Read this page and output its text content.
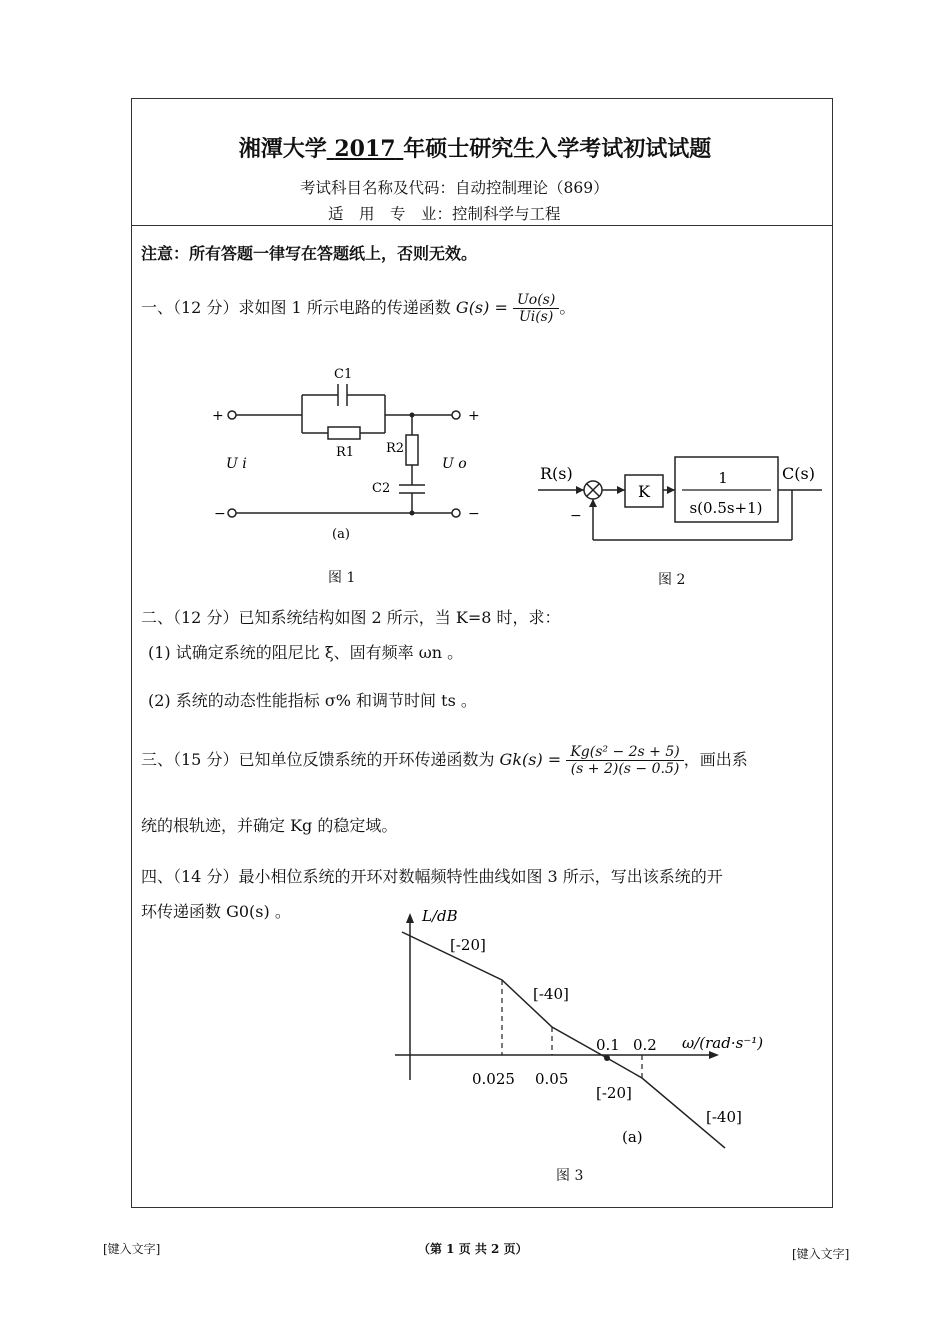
湘潭大学 2017 年硕士研究生入学考试初试试题
考试科目名称及代码：自动控制理论（869）
适　用　专　业：控制科学与工程
注意：所有答题一律写在答题纸上，否则无效。
一、（12 分）求如图 1 所示电路的传递函数 $G(s) = \frac{Uo(s)}{Ui(s)}$ 。
+	+
−	−
C1
R1 R2
C2
U i	U o
(a)
图 1
R(s)	C(s)
K
1
s(0.5s+1)
−
图 2
二、（12 分）已知系统结构如图 2 所示，当 K=8 时，求：
(1) 试确定系统的阻尼比 ξ、固有频率 ωn 。
(2) 系统的动态性能指标 σ% 和调节时间 ts 。
三、（15 分）已知单位反馈系统的开环传递函数为 $Gk(s) = \frac{\text{Kg(s² − 2s + 5)}}{(s + 2)(s - 0.5)}$ ，画出系
统的根轨迹，并确定 Kg 的稳定域。
四、（14 分）最小相位系统的开环对数幅频特性曲线如图 3 所示，写出该系统的开
环传递函数 G0(s) 。	L/dB
ω/(rad·s⁻¹)
[-20]
[-40]
[-20]
[-40]
0.025 0.05
0.1 0.2
(a)
图 3
[键入文字]	（第 1 页 共 2 页）	[键入文字]
